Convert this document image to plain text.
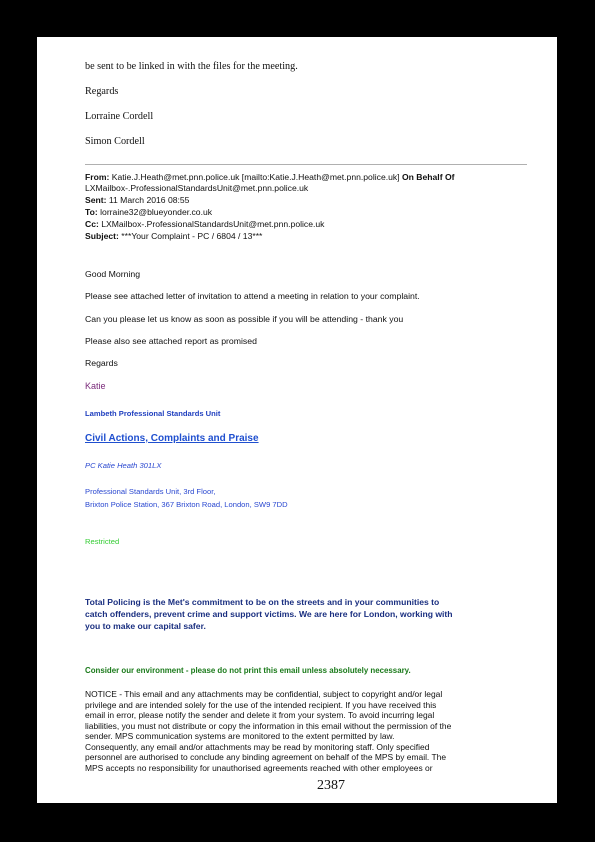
be sent to be linked in with the files for the meeting.
Regards
Lorraine Cordell
Simon Cordell
From: Katie.J.Heath@met.pnn.police.uk [mailto:Katie.J.Heath@met.pnn.police.uk] On Behalf Of
LXMailbox-.ProfessionalStandardsUnit@met.pnn.police.uk
Sent: 11 March 2016 08:55
To: lorraine32@blueyonder.co.uk
Cc: LXMailbox-.ProfessionalStandardsUnit@met.pnn.police.uk
Subject: ***Your Complaint - PC / 6804 / 13***
Good Morning
Please see attached letter of invitation to attend a meeting in relation to your complaint.
Can you please let us know as soon as possible if you will be attending - thank you
Please also see attached report as promised
Regards
Katie
Lambeth Professional Standards Unit
Civil Actions, Complaints and Praise
PC Katie Heath 301LX
Professional Standards Unit, 3rd Floor,
Brixton Police Station, 367 Brixton Road, London, SW9 7DD
Restricted
Total Policing is the Met's commitment to be on the streets and in your communities to
catch offenders, prevent crime and support victims. We are here for London, working with
you to make our capital safer.
Consider our environment - please do not print this email unless absolutely necessary.
NOTICE - This email and any attachments may be confidential, subject to copyright and/or legal
privilege and are intended solely for the use of the intended recipient. If you have received this
email in error, please notify the sender and delete it from your system. To avoid incurring legal
liabilities, you must not distribute or copy the information in this email without the permission of the
sender. MPS communication systems are monitored to the extent permitted by law.
Consequently, any email and/or attachments may be read by monitoring staff. Only specified
personnel are authorised to conclude any binding agreement on behalf of the MPS by email. The
MPS accepts no responsibility for unauthorised agreements reached with other employees or
2387
